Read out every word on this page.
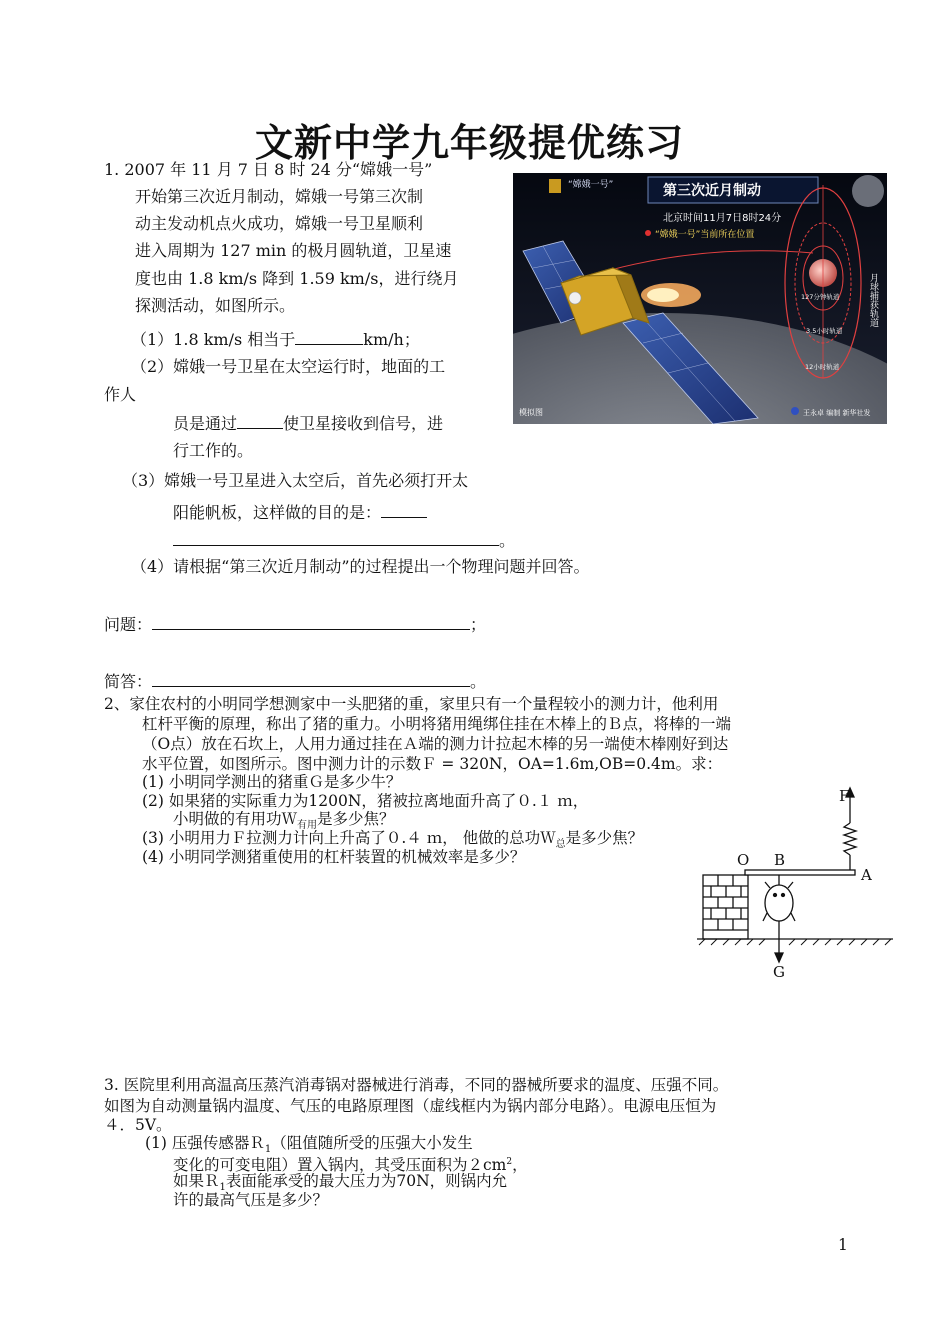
文新中学九年级提优练习
1. 2007 年 11 月 7 日 8 时 24 分“嫦娥一号”
开始第三次近月制动，嫦娥一号第三次制
动主发动机点火成功，嫦娥一号卫星顺利
进入周期为 127 min 的极月圆轨道，卫星速
度也由 1.8 km/s 降到 1.59 km/s，进行绕月
探测活动，如图所示。
（1）1.8 km/s 相当于	km/h；
（2）嫦娥一号卫星在太空运行时，地面的工
作人
员是通过	使卫星接收到信号，进
行工作的。
（3）嫦娥一号卫星进入太空后，首先必须打开太
阳能帆板，这样做的目的是：
。
（4）请根据“第三次近月制动”的过程提出一个物理问题并回答。
问题：	；
简答：	。
第三次近月制动
“嫦娥一号”
北京时间11月7日8时24分
“嫦娥一号”当前所在位置
127分钟轨道
3.5小时轨道
12小时轨道
月球捕获轨道
模拟图	王永卓 编制 新华社发
2、家住农村的小明同学想测家中一头肥猪的重，家里只有一个量程较小的测力计，他利用
杠杆平衡的原理，称出了猪的重力。小明将猪用绳绑住挂在木棒上的Ｂ点，将棒的一端
（O点）放在石坎上，人用力通过挂在Ａ端的测力计拉起木棒的另一端使木棒刚好到达
水平位置，如图所示。图中测力计的示数Ｆ = 320N，OA=1.6m,OB=0.4m。求：
(1) 小明同学测出的猪重Ｇ是多少牛？
(2) 如果猪的实际重力为1200N，猪被拉离地面升高了０.１ ｍ，
小明做的有用功Ｗ$_{有用}$是多少焦？
(3) 小明用力Ｆ拉测力计向上升高了０.４ ｍ， 他做的总功Ｗ$_总$是多少焦？
(4) 小明同学测猪重使用的杠杆装置的机械效率是多少？
F
O B
A
G
3. 医院里利用高温高压蒸汽消毒锅对器械进行消毒，不同的器械所要求的温度、压强不同。
如图为自动测量锅内温度、气压的电路原理图（虚线框内为锅内部分电路）。电源电压恒为
４．5V。
(1) 压强传感器Ｒ$_1$（阻值随所受的压强大小发生
变化的可变电阻）置入锅内，其受压面积为$2cm^2$，
如果Ｒ$_1$表面能承受的最大压力为70N，则锅内允
许的最高气压是多少？
1
